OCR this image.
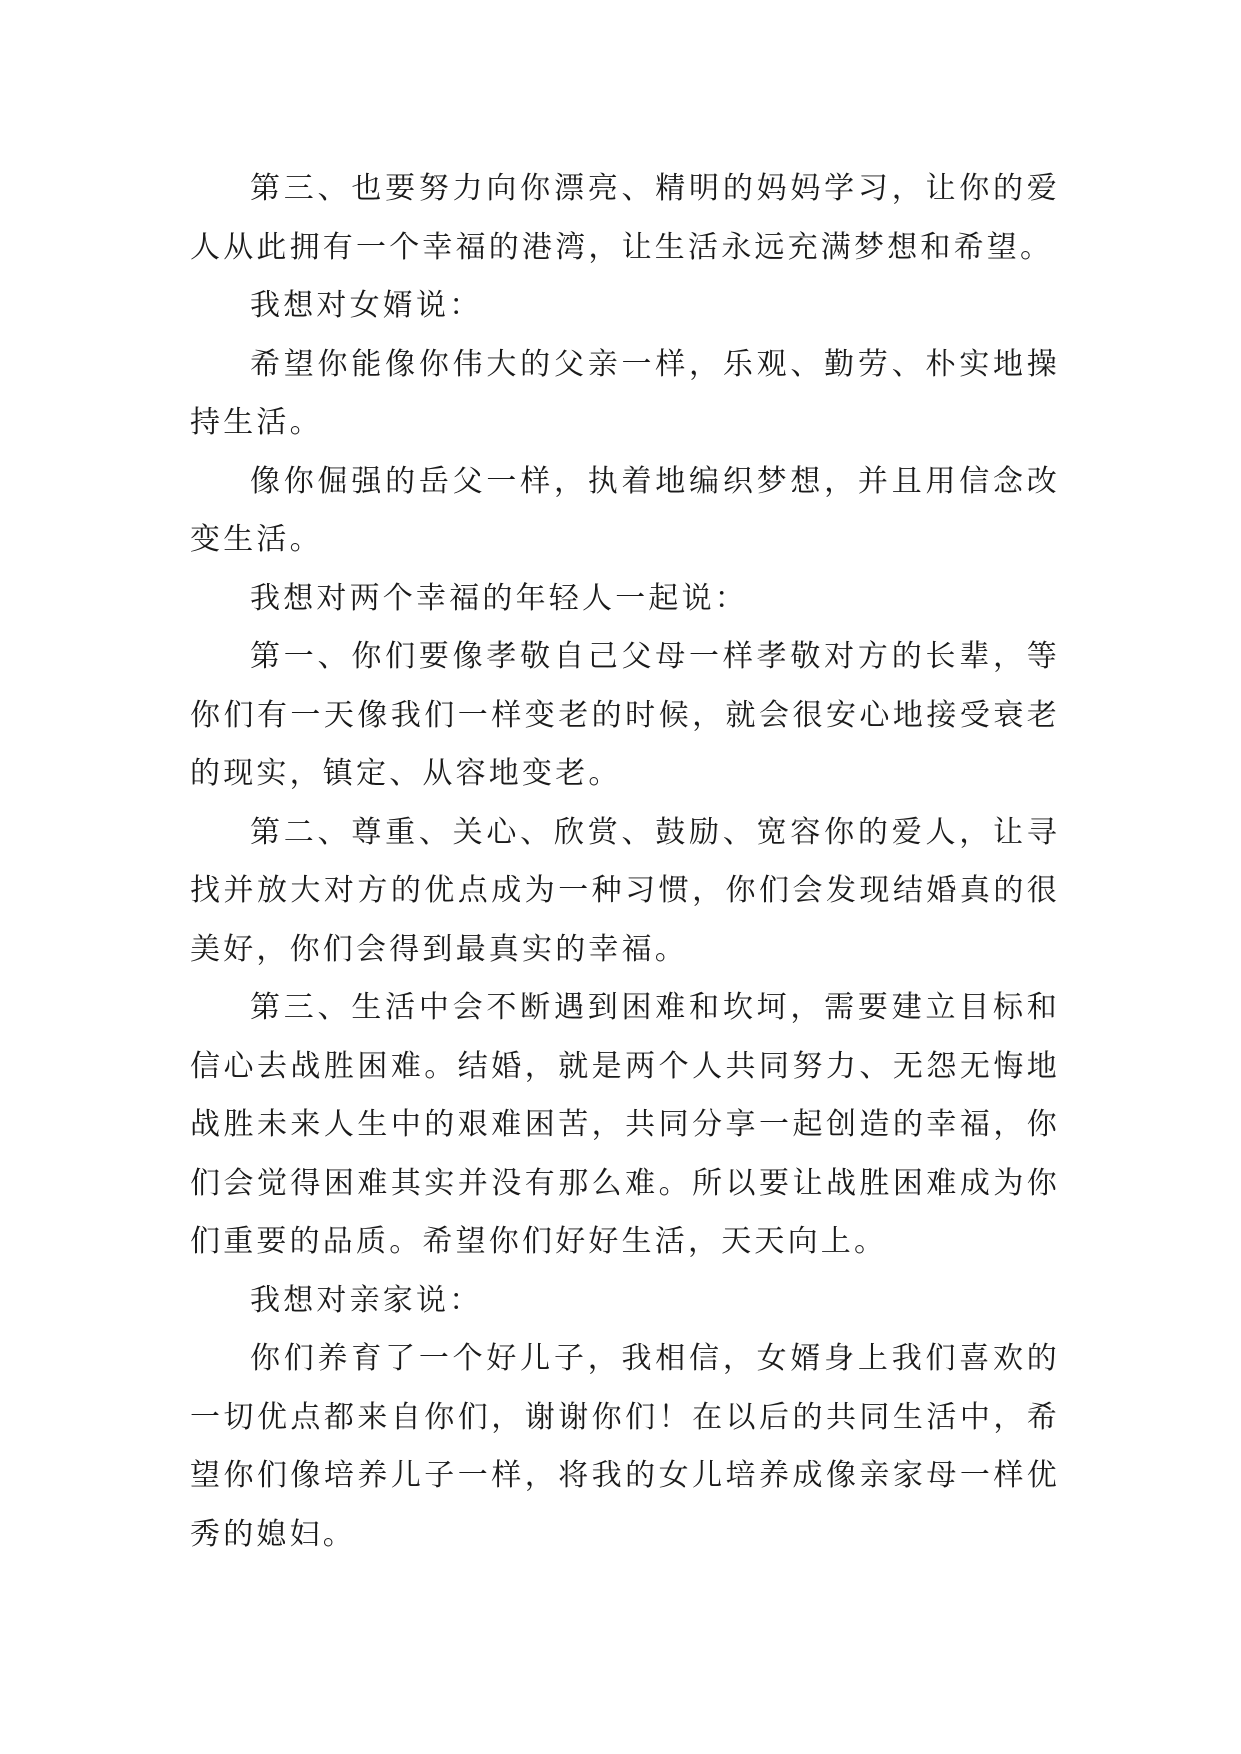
第三、也要努力向你漂亮、精明的妈妈学习，让你的爱人从此拥有一个幸福的港湾，让生活永远充满梦想和希望。

我想对女婿说：

希望你能像你伟大的父亲一样，乐观、勤劳、朴实地操持生活。

像你倔强的岳父一样，执着地编织梦想，并且用信念改变生活。

我想对两个幸福的年轻人一起说：

第一、你们要像孝敬自己父母一样孝敬对方的长辈，等你们有一天像我们一样变老的时候，就会很安心地接受衰老的现实，镇定、从容地变老。

第二、尊重、关心、欣赏、鼓励、宽容你的爱人，让寻找并放大对方的优点成为一种习惯，你们会发现结婚真的很美好，你们会得到最真实的幸福。

第三、生活中会不断遇到困难和坎坷，需要建立目标和信心去战胜困难。结婚，就是两个人共同努力、无怨无悔地战胜未来人生中的艰难困苦，共同分享一起创造的幸福，你们会觉得困难其实并没有那么难。所以要让战胜困难成为你们重要的品质。希望你们好好生活，天天向上。

我想对亲家说：

你们养育了一个好儿子，我相信，女婿身上我们喜欢的一切优点都来自你们，谢谢你们！在以后的共同生活中，希望你们像培养儿子一样，将我的女儿培养成像亲家母一样优秀的媳妇。
